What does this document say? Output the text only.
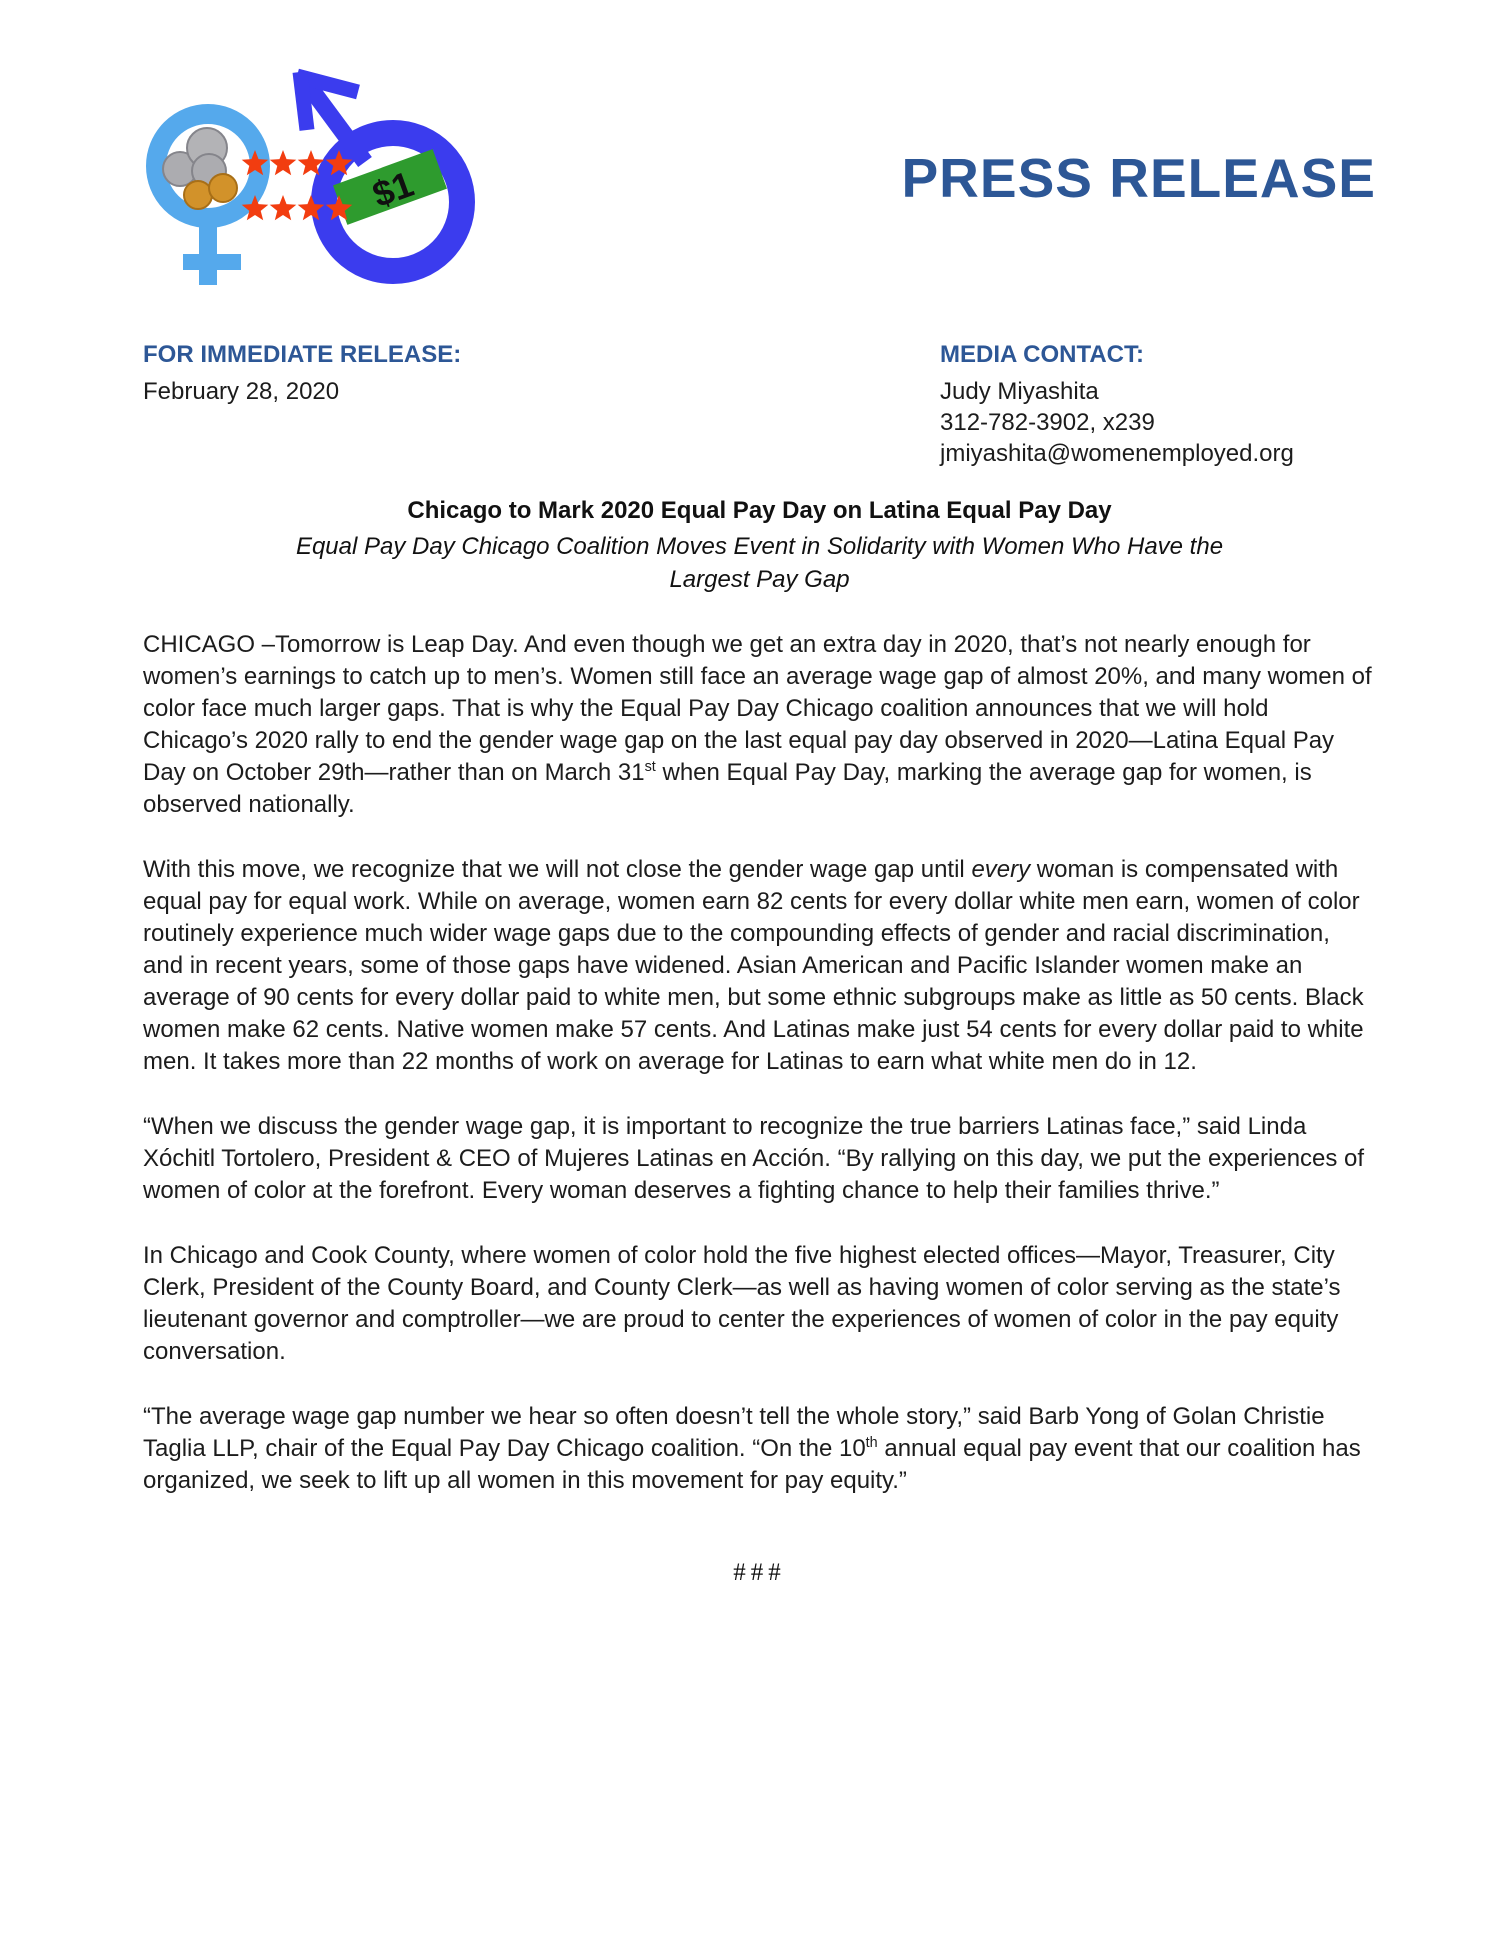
$1	PRESS RELEASE
FOR IMMEDIATE RELEASE:
February 28, 2020
MEDIA CONTACT:
Judy Miyashita
312-782-3902, x239
jmiyashita@womenemployed.org
Chicago to Mark 2020 Equal Pay Day on Latina Equal Pay Day
Equal Pay Day Chicago Coalition Moves Event in Solidarity with Women Who Have the Largest Pay Gap

CHICAGO –Tomorrow is Leap Day. And even though we get an extra day in 2020, that’s not nearly enough for women’s earnings to catch up to men’s. Women still face an average wage gap of almost 20%, and many women of color face much larger gaps. That is why the Equal Pay Day Chicago coalition announces that we will hold Chicago’s 2020 rally to end the gender wage gap on the last equal pay day observed in 2020—Latina Equal Pay Day on October 29th—rather than on March 31st when Equal Pay Day, marking the average gap for women, is observed nationally.

With this move, we recognize that we will not close the gender wage gap until every woman is compensated with equal pay for equal work. While on average, women earn 82 cents for every dollar white men earn, women of color routinely experience much wider wage gaps due to the compounding effects of gender and racial discrimination, and in recent years, some of those gaps have widened. Asian American and Pacific Islander women make an average of 90 cents for every dollar paid to white men, but some ethnic subgroups make as little as 50 cents. Black women make 62 cents. Native women make 57 cents. And Latinas make just 54 cents for every dollar paid to white men. It takes more than 22 months of work on average for Latinas to earn what white men do in 12.

“When we discuss the gender wage gap, it is important to recognize the true barriers Latinas face,” said Linda Xóchitl Tortolero, President & CEO of Mujeres Latinas en Acción. “By rallying on this day, we put the experiences of women of color at the forefront. Every woman deserves a fighting chance to help their families thrive.”

In Chicago and Cook County, where women of color hold the five highest elected offices—Mayor, Treasurer, City Clerk, President of the County Board, and County Clerk—as well as having women of color serving as the state’s lieutenant governor and comptroller—we are proud to center the experiences of women of color in the pay equity conversation.

“The average wage gap number we hear so often doesn’t tell the whole story,” said Barb Yong of Golan Christie Taglia LLP, chair of the Equal Pay Day Chicago coalition. “On the 10th annual equal pay event that our coalition has organized, we seek to lift up all women in this movement for pay equity.”

###
